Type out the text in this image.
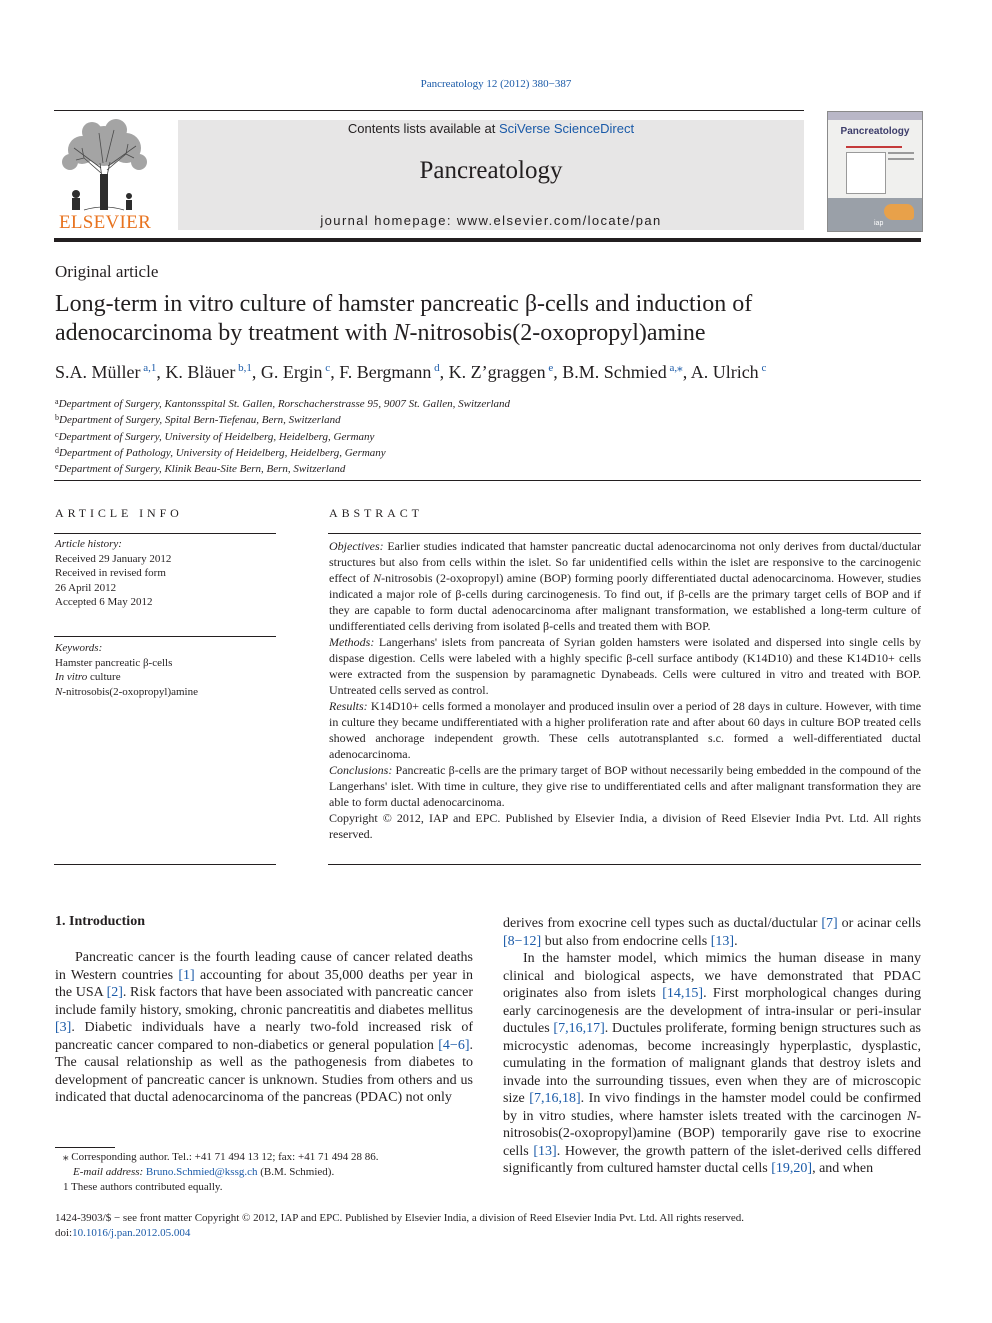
Pancreatology 12 (2012) 380−387
ELSEVIER
Contents lists available at SciVerse ScienceDirect
Pancreatology
journal homepage: www.elsevier.com/locate/pan
Pancreatology
iap
Original article
Long-term in vitro culture of hamster pancreatic β-cells and induction of adenocarcinoma by treatment with N-nitrosobis(2-oxopropyl)amine
S.A. Müller $^{a,1}$, K. Bläuer $^{b,1}$, G. Ergin $^c$, F. Bergmann $^d$, K. Z’graggen $^e$, B.M. Schmied $^{a,⁎}$, A. Ulrich $^c$
$^a$Department of Surgery, Kantonsspital St. Gallen, Rorschacherstrasse 95, 9007 St. Gallen, Switzerland
$^b$Department of Surgery, Spital Bern-Tiefenau, Bern, Switzerland
$^c$Department of Surgery, University of Heidelberg, Heidelberg, Germany
$^d$Department of Pathology, University of Heidelberg, Heidelberg, Germany
$^e$Department of Surgery, Klinik Beau-Site Bern, Bern, Switzerland
ARTICLE INFO
Article history:
Received 29 January 2012
Received in revised form
26 April 2012
Accepted 6 May 2012
Keywords:
Hamster pancreatic β-cells
In vitro culture
N-nitrosobis(2-oxopropyl)amine
ABSTRACT

Objectives: Earlier studies indicated that hamster pancreatic ductal adenocarcinoma not only derives from ductal/ductular structures but also from cells within the islet. So far unidentified cells within the islet are responsive to the carcinogenic effect of N-nitrosobis (2-oxopropyl) amine (BOP) forming poorly differentiated ductal adenocarcinoma. However, studies indicated a major role of β-cells during carcinogenesis. To find out, if β-cells are the primary target cells of BOP and if they are capable to form ductal adenocarcinoma after malignant transformation, we established a long-term culture of undifferentiated cells deriving from isolated β-cells and treated them with BOP.

Methods: Langerhans' islets from pancreata of Syrian golden hamsters were isolated and dispersed into single cells by dispase digestion. Cells were labeled with a highly specific β-cell surface antibody (K14D10) and these K14D10+ cells were extracted from the suspension by paramagnetic Dynabeads. Cells were cultured in vitro and treated with BOP. Untreated cells served as control.

Results: K14D10+ cells formed a monolayer and produced insulin over a period of 28 days in culture. However, with time in culture they became undifferentiated with a higher proliferation rate and after about 60 days in culture BOP treated cells showed anchorage independent growth. These cells autotransplanted s.c. formed a well-differentiated ductal adenocarcinoma.

Conclusions: Pancreatic β-cells are the primary target of BOP without necessarily being embedded in the compound of the Langerhans' islet. With time in culture, they give rise to undifferentiated cells and after malignant transformation they are able to form ductal adenocarcinoma.

Copyright © 2012, IAP and EPC. Published by Elsevier India, a division of Reed Elsevier India Pvt. Ltd. All rights reserved.

1. Introduction

Pancreatic cancer is the fourth leading cause of cancer related deaths in Western countries [1] accounting for about 35,000 deaths per year in the USA [2]. Risk factors that have been associated with pancreatic cancer include family history, smoking, chronic pancreatitis and diabetes mellitus [3]. Diabetic individuals have a nearly two-fold increased risk of pancreatic cancer compared to non-diabetics or general population [4−6]. The causal relationship as well as the pathogenesis from diabetes to development of pancreatic cancer is unknown. Studies from others and us indicated that ductal adenocarcinoma of the pancreas (PDAC) not only

derives from exocrine cell types such as ductal/ductular [7] or acinar cells [8−12] but also from endocrine cells [13].

In the hamster model, which mimics the human disease in many clinical and biological aspects, we have demonstrated that PDAC originates also from islets [14,15]. First morphological changes during early carcinogenesis are the development of intra-insular or peri-insular ductules [7,16,17]. Ductules proliferate, forming benign structures such as microcystic adenomas, become increasingly hyperplastic, dysplastic, cumulating in the formation of malignant glands that destroy islets and invade into the surrounding tissues, even when they are of microscopic size [7,16,18]. In vivo findings in the hamster model could be confirmed by in vitro studies, where hamster islets treated with the carcinogen N-nitrosobis(2-oxopropyl)amine (BOP) temporarily gave rise to exocrine cells [13]. However, the growth pattern of the islet-derived cells differed significantly from cultured hamster ductal cells [19,20], and when

⁎ Corresponding author. Tel.: +41 71 494 13 12; fax: +41 71 494 28 86.
E-mail address: Bruno.Schmied@kssg.ch (B.M. Schmied).
1 These authors contributed equally.
1424-3903/$ − see front matter Copyright © 2012, IAP and EPC. Published by Elsevier India, a division of Reed Elsevier India Pvt. Ltd. All rights reserved.
doi:10.1016/j.pan.2012.05.004
